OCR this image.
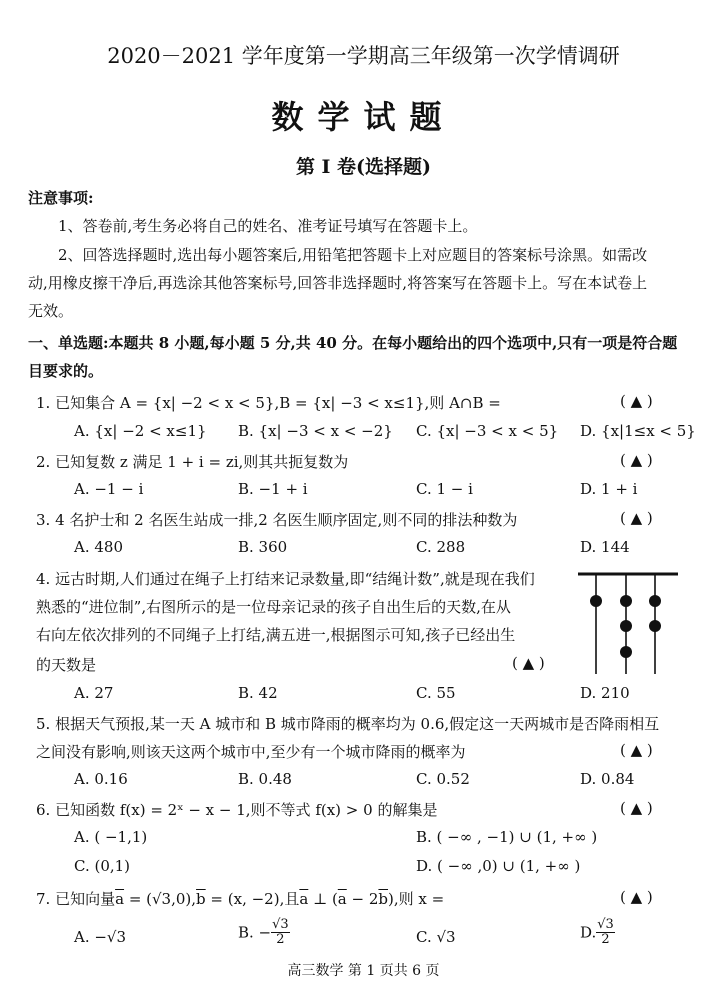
2020－2021 学年度第一学期高三年级第一次学情调研
数学试题
第 I 卷(选择题)
注意事项:
1、答卷前,考生务必将自己的姓名、准考证号填写在答题卡上。
2、回答选择题时,选出每小题答案后,用铅笔把答题卡上对应题目的答案标号涂黑。如需改
动,用橡皮擦干净后,再选涂其他答案标号,回答非选择题时,将答案写在答题卡上。写在本试卷上
无效。
一、单选题:本题共 8 小题,每小题 5 分,共 40 分。在每小题给出的四个选项中,只有一项是符合题
目要求的。
1. 已知集合 A = {x| −2 < x < 5},B = {x| −3 < x≤1},则 A∩B =	( ▲ )
A. {x| −2 < x≤1} B. {x| −3 < x < −2} C. {x| −3 < x < 5} D. {x|1≤x < 5}
2. 已知复数 z 满足 1 + i = zi,则其共扼复数为	( ▲ )
A. −1 − i	B. −1 + i	C. 1 − i	D. 1 + i
3. 4 名护士和 2 名医生站成一排,2 名医生顺序固定,则不同的排法种数为	( ▲ )
A. 480	B. 360	C. 288	D. 144
4. 远古时期,人们通过在绳子上打结来记录数量,即“结绳计数”,就是现在我们
熟悉的“进位制”,右图所示的是一位母亲记录的孩子自出生后的天数,在从
右向左依次排列的不同绳子上打结,满五进一,根据图示可知,孩子已经出生
的天数是	( ▲ )
A. 27	B. 42	C. 55	D. 210
5. 根据天气预报,某一天 A 城市和 B 城市降雨的概率均为 0.6,假定这一天两城市是否降雨相互
之间没有影响,则该天这两个城市中,至少有一个城市降雨的概率为	( ▲ )
A. 0.16	B. 0.48	C. 0.52	D. 0.84
6. 已知函数 f(x) = 2ˣ − x − 1,则不等式 f(x) > 0 的解集是	( ▲ )
A. ( −1,1)	B. ( −∞ , −1) ∪ (1, +∞ )
C. (0,1)	D. ( −∞ ,0) ∪ (1, +∞ )
7. 已知向量$\overline{a} = (√3,0),\overline{b} = (x$, −2),且$\overline{a}$ ⊥ $(\overline{a} - 2\overline{b})$,则 x =	( ▲ )
A. −√3	B. − $\frac{√3}{2}$	C. √3	D. $\frac{√3}{2}$
高三数学 第 1 页共 6 页
